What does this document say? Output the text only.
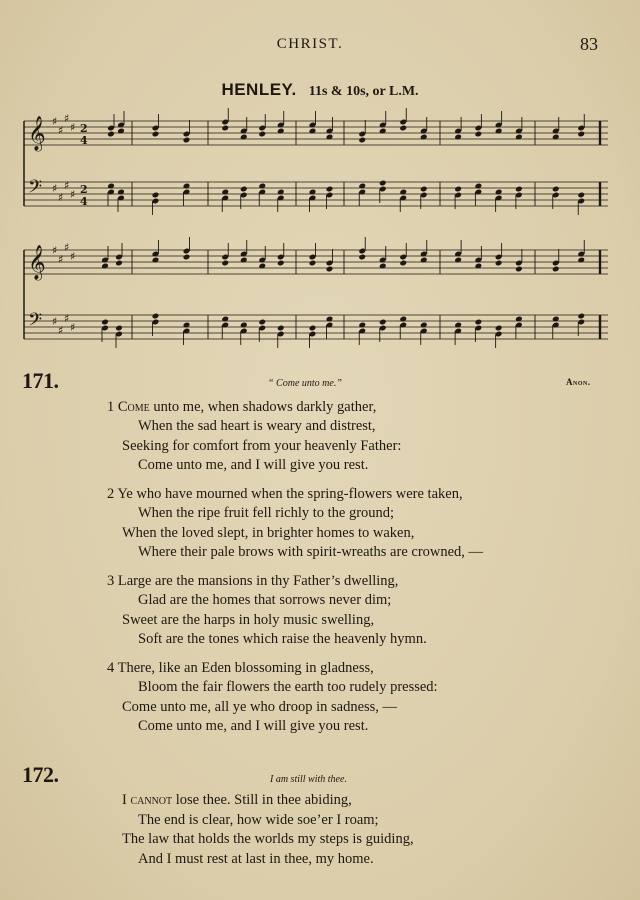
CHRIST.	83
HENLEY. 11s & 10s, or L.M.
𝄞 ♯
♯
♯
♯ 2
4
𝄢 ♯
♯
♯
♯ 2
4
𝄞 ♯
♯
♯
♯
𝄢 ♯
♯
♯
♯
171.	“ Come unto me.”	Anon.
1 Come unto me, when shadows darkly gather,
When the sad heart is weary and distrest,
Seeking for comfort from your heavenly Father:
Come unto me, and I will give you rest.
2 Ye who have mourned when the spring-flowers were taken,
When the ripe fruit fell richly to the ground;
When the loved slept, in brighter homes to waken,
Where their pale brows with spirit-wreaths are crowned, —
3 Large are the mansions in thy Father’s dwelling,
Glad are the homes that sorrows never dim;
Sweet are the harps in holy music swelling,
Soft are the tones which raise the heavenly hymn.
4 There, like an Eden blossoming in gladness,
Bloom the fair flowers the earth too rudely pressed:
Come unto me, all ye who droop in sadness, —
Come unto me, and I will give you rest.
172.	I am still with thee.
I cannot lose thee. Still in thee abiding,
The end is clear, how wide soe’er I roam;
The law that holds the worlds my steps is guiding,
And I must rest at last in thee, my home.
